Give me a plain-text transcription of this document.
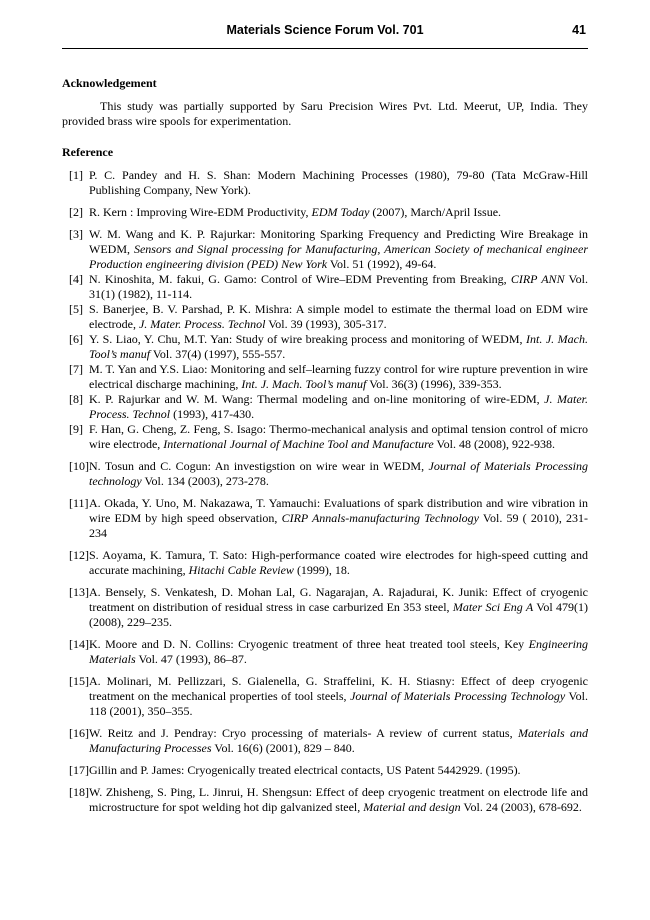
Materials Science Forum Vol. 701	41
Acknowledgement

This study was partially supported by Saru Precision Wires Pvt. Ltd. Meerut, UP, India. They provided brass wire spools for experimentation.

Reference
[1] P. C. Pandey and H. S. Shan: Modern Machining Processes (1980), 79-80 (Tata McGraw-Hill Publishing Company, New York).
[2] R. Kern : Improving Wire-EDM Productivity, EDM Today (2007), March/April Issue.
[3] W. M. Wang and K. P. Rajurkar: Monitoring Sparking Frequency and Predicting Wire Breakage in WEDM, Sensors and Signal processing for Manufacturing, American Society of mechanical engineer Production engineering division (PED) New York Vol. 51 (1992), 49-64.
[4] N. Kinoshita, M. fakui, G. Gamo: Control of Wire–EDM Preventing from Breaking, CIRP ANN Vol. 31(1) (1982), 11-114.
[5] S. Banerjee, B. V. Parshad, P. K. Mishra: A simple model to estimate the thermal load on EDM wire electrode, J. Mater. Process. Technol Vol. 39 (1993), 305-317.
[6] Y. S. Liao, Y. Chu, M.T. Yan: Study of wire breaking process and monitoring of WEDM, Int. J. Mach. Tool’s manuf Vol. 37(4) (1997), 555-557.
[7] M. T. Yan and Y.S. Liao: Monitoring and self–learning fuzzy control for wire rupture prevention in wire electrical discharge machining, Int. J. Mach. Tool’s manuf Vol. 36(3) (1996), 339-353.
[8] K. P. Rajurkar and W. M. Wang: Thermal modeling and on-line monitoring of wire-EDM, J. Mater. Process. Technol (1993), 417-430.
[9] F. Han, G. Cheng, Z. Feng, S. Isago: Thermo-mechanical analysis and optimal tension control of micro wire electrode, International Journal of Machine Tool and Manufacture Vol. 48 (2008), 922-938.
[10] N. Tosun and C. Cogun: An investigstion on wire wear in WEDM, Journal of Materials Processing technology Vol. 134 (2003), 273-278.
[11] A. Okada, Y. Uno, M. Nakazawa, T. Yamauchi: Evaluations of spark distribution and wire vibration in wire EDM by high speed observation, CIRP Annals-manufacturing Technology Vol. 59 ( 2010), 231-234
[12] S. Aoyama, K. Tamura, T. Sato: High-performance coated wire electrodes for high-speed cutting and accurate machining, Hitachi Cable Review (1999), 18.
[13] A. Bensely, S. Venkatesh, D. Mohan Lal, G. Nagarajan, A. Rajadurai, K. Junik: Effect of cryogenic treatment on distribution of residual stress in case carburized En 353 steel, Mater Sci Eng A Vol 479(1) (2008), 229–235.
[14] K. Moore and D. N. Collins: Cryogenic treatment of three heat treated tool steels, Key Engineering Materials Vol. 47 (1993), 86–87.
[15] A. Molinari, M. Pellizzari, S. Gialenella, G. Straffelini, K. H. Stiasny: Effect of deep cryogenic treatment on the mechanical properties of tool steels, Journal of Materials Processing Technology Vol. 118 (2001), 350–355.
[16] W. Reitz and J. Pendray: Cryo processing of materials- A review of current status, Materials and Manufacturing Processes Vol. 16(6) (2001), 829 – 840.
[17] Gillin and P. James: Cryogenically treated electrical contacts, US Patent 5442929. (1995).
[18] W. Zhisheng, S. Ping, L. Jinrui, H. Shengsun: Effect of deep cryogenic treatment on electrode life and microstructure for spot welding hot dip galvanized steel, Material and design Vol. 24 (2003), 678-692.
